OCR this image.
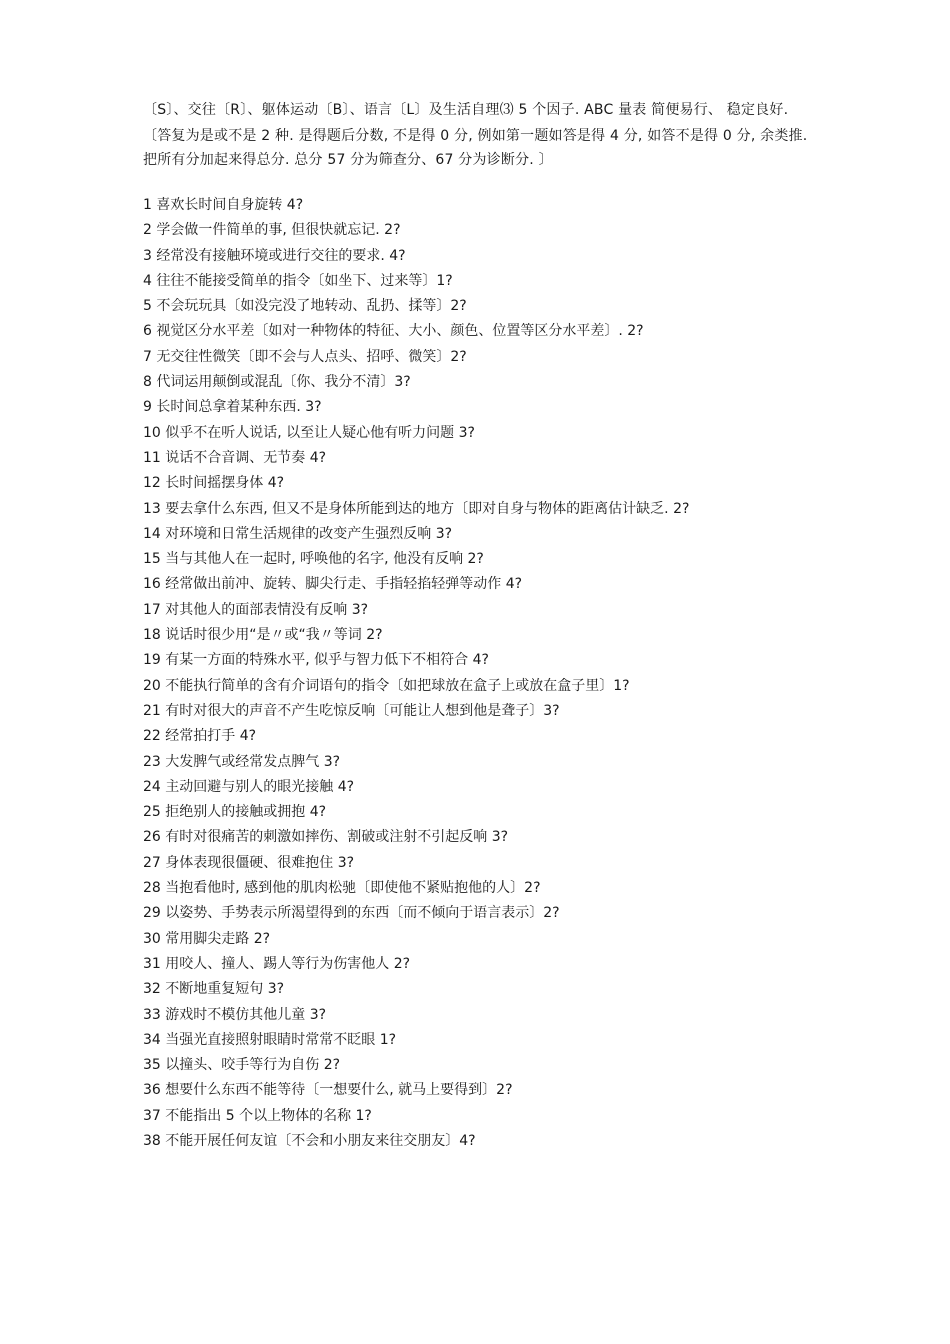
〔S〕、交往〔R〕、躯体运动〔B〕、语言〔L〕及生活自理⑶ 5 个因子. ABC 量表 简便易行、 稳定良好.

〔答复为是或不是 2 种. 是得题后分数, 不是得 0 分, 例如第一题如答是得 4 分, 如答不是得 0 分, 余类推. 把所有分加起来得总分. 总分 57 分为筛查分、67 分为诊断分. 〕

1 喜欢长时间自身旋转 4?
2 学会做一件简单的事, 但很快就忘记. 2?
3 经常没有接触环境或进行交往的要求. 4?
4 往往不能接受简单的指令〔如坐下、过来等〕1?
5 不会玩玩具〔如没完没了地转动、乱扔、揉等〕2?
6 视觉区分水平差〔如对一种物体的特征、大小、颜色、位置等区分水平差〕. 2?
7 无交往性微笑〔即不会与人点头、招呼、微笑〕2?
8 代词运用颠倒或混乱〔你、我分不清〕3?
9 长时间总拿着某种东西. 3?
10 似乎不在听人说话, 以至让人疑心他有听力问题 3?
11 说话不合音调、无节奏 4?
12 长时间摇摆身体 4?
13 要去拿什么东西, 但又不是身体所能到达的地方〔即对自身与物体的距离估计缺乏. 2?
14 对环境和日常生活规律的改变产生强烈反响 3?
15 当与其他人在一起时, 呼唤他的名字, 他没有反响 2?
16 经常做出前冲、旋转、脚尖行走、手指轻掐轻弹等动作 4?
17 对其他人的面部表情没有反响 3?
18 说话时很少用“是〃或“我〃等词 2?
19 有某一方面的特殊水平, 似乎与智力低下不相符合 4?
20 不能执行简单的含有介词语句的指令〔如把球放在盒子上或放在盒子里〕1?
21 有时对很大的声音不产生吃惊反响〔可能让人想到他是聋子〕3?
22 经常拍打手 4?
23 大发脾气或经常发点脾气 3?
24 主动回避与别人的眼光接触 4?
25 拒绝别人的接触或拥抱 4?
26 有时对很痛苦的刺激如摔伤、割破或注射不引起反响 3?
27 身体表现很僵硬、很难抱住 3?
28 当抱看他时, 感到他的肌肉松驰〔即使他不紧贴抱他的人〕2?
29 以姿势、手势表示所渴望得到的东西〔而不倾向于语言表示〕2?
30 常用脚尖走路 2?
31 用咬人、撞人、踢人等行为伤害他人 2?
32 不断地重复短句 3?
33 游戏时不模仿其他儿童 3?
34 当强光直接照射眼睛时常常不眨眼 1?
35 以撞头、咬手等行为自伤 2?
36 想要什么东西不能等待〔一想要什么, 就马上要得到〕2?
37 不能指出 5 个以上物体的名称 1?
38 不能开展任何友谊〔不会和小朋友来往交朋友〕4?
